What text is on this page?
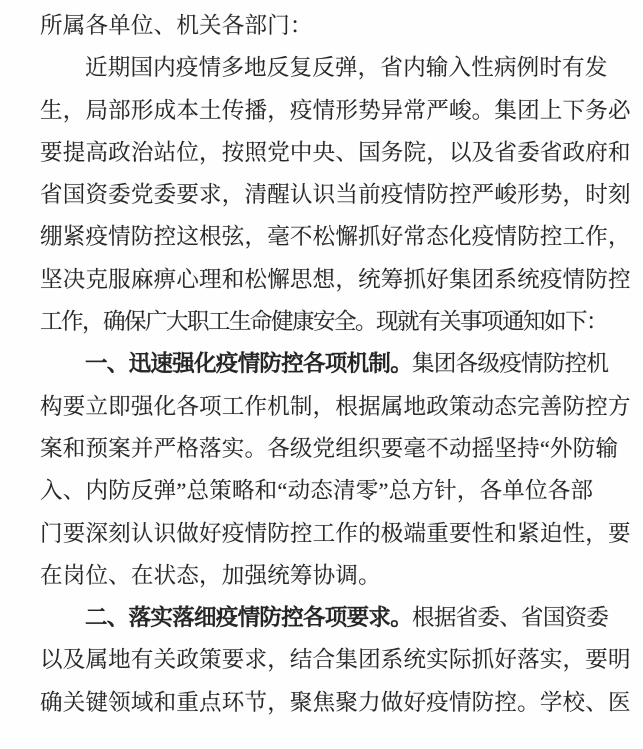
所属各单位、机关各部门：
近期国内疫情多地反复反弹，省内输入性病例时有发
生，局部形成本土传播，疫情形势异常严峻。集团上下务必
要提高政治站位，按照党中央、国务院，以及省委省政府和
省国资委党委要求，清醒认识当前疫情防控严峻形势，时刻
绷紧疫情防控这根弦，毫不松懈抓好常态化疫情防控工作，
坚决克服麻痹心理和松懈思想，统筹抓好集团系统疫情防控
工作，确保广大职工生命健康安全。现就有关事项通知如下：
一、迅速强化疫情防控各项机制。集团各级疫情防控机
构要立即强化各项工作机制，根据属地政策动态完善防控方
案和预案并严格落实。各级党组织要毫不动摇坚持“外防输
入、内防反弹”总策略和“动态清零”总方针，各单位各部
门要深刻认识做好疫情防控工作的极端重要性和紧迫性，要
在岗位、在状态，加强统筹协调。
二、落实落细疫情防控各项要求。根据省委、省国资委
以及属地有关政策要求，结合集团系统实际抓好落实，要明
确关键领域和重点环节，聚焦聚力做好疫情防控。学校、医
